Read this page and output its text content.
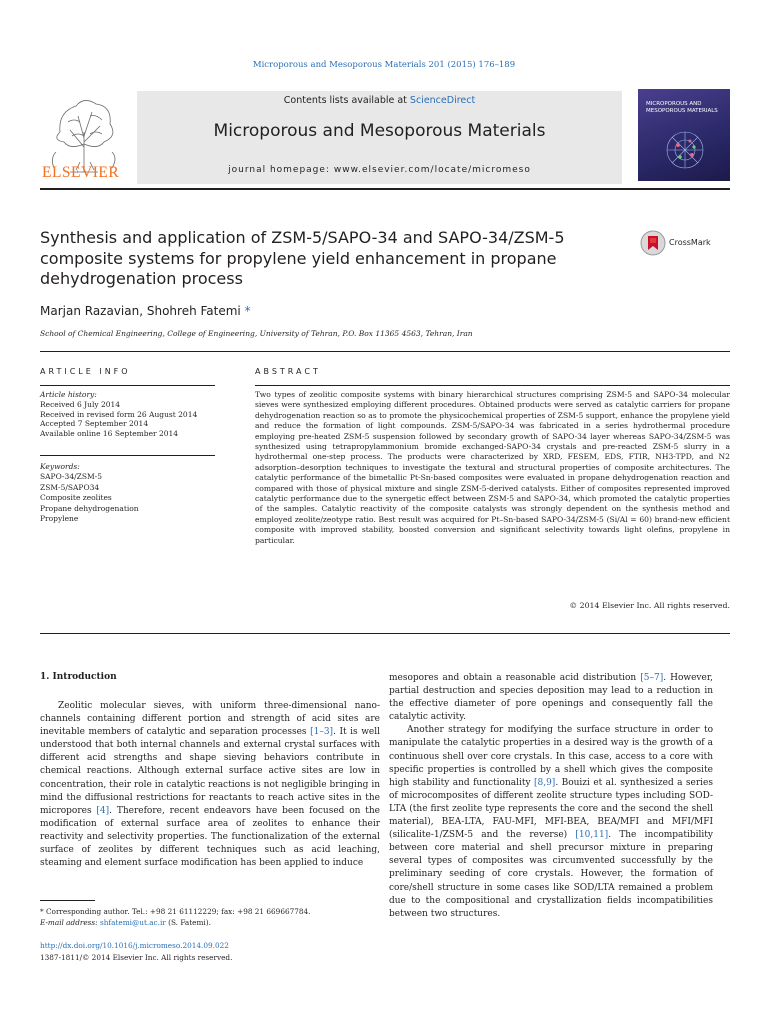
Microporous and Mesoporous Materials 201 (2015) 176–189
ELSEVIER
Contents lists available at ScienceDirect
Microporous and Mesoporous Materials
journal homepage: www.elsevier.com/locate/micromeso
MICROPOROUS AND MESOPOROUS MATERIALS
Synthesis and application of ZSM-5/SAPO-34 and SAPO-34/ZSM-5
composite systems for propylene yield enhancement in propane
dehydrogenation process
CrossMark
Marjan Razavian, Shohreh Fatemi *
School of Chemical Engineering, College of Engineering, University of Tehran, P.O. Box 11365 4563, Tehran, Iran
ARTICLE INFO
Article history:
Received 6 July 2014
Received in revised form 26 August 2014
Accepted 7 September 2014
Available online 16 September 2014
Keywords:
SAPO-34/ZSM-5
ZSM-5/SAPO34
Composite zeolites
Propane dehydrogenation
Propylene
ABSTRACT
Two types of zeolitic composite systems with binary hierarchical structures comprising ZSM-5 and SAPO-34 molecular sieves were synthesized employing different procedures. Obtained products were served as catalytic carriers for propane dehydrogenation reaction so as to promote the physicochemical properties of ZSM-5 support, enhance the propylene yield and reduce the formation of light compounds. ZSM-5/SAPO-34 was fabricated in a series hydrothermal procedure employing pre-heated ZSM-5 suspension followed by secondary growth of SAPO-34 layer whereas SAPO-34/ZSM-5 was synthesized using tetrapropylammonium bromide exchanged-SAPO-34 crystals and pre-reacted ZSM-5 slurry in a hydrothermal one-step process. The products were characterized by XRD, FESEM, EDS, FTIR, NH3-TPD, and N2 adsorption–desorption techniques to investigate the textural and structural properties of composite architectures. The catalytic performance of the bimetallic Pt-Sn-based composites were evaluated in propane dehydrogenation reaction and compared with those of physical mixture and single ZSM-5-derived catalysts. Either of composites represented improved catalytic performance due to the synergetic effect between ZSM-5 and SAPO-34, which promoted the catalytic properties of the samples. Catalytic reactivity of the composite catalysts was strongly dependent on the synthesis method and employed zeolite/zeotype ratio. Best result was acquired for Pt–Sn-based SAPO-34/ZSM-5 (Si/Al = 60) brand-new efficient composite with improved stability, boosted conversion and significant selectivity towards light olefins, propylene in particular.
© 2014 Elsevier Inc. All rights reserved.
1. Introduction

Zeolitic molecular sieves, with uniform three-dimensional nano-channels containing different portion and strength of acid sites are inevitable members of catalytic and separation processes [1–3]. It is well understood that both internal channels and external crystal surfaces with different acid strengths and shape sieving behaviors contribute in chemical reactions. Although external surface active sites are low in concentration, their role in catalytic reactions is not negligible bringing in mind the diffusional restrictions for reactants to reach active sites in the micropores [4]. Therefore, recent endeavors have been focused on the modification of external surface area of zeolites to enhance their reactivity and selectivity properties. The functionalization of the external surface of zeolites by different techniques such as acid leaching, steaming and element surface modification has been applied to induce

mesopores and obtain a reasonable acid distribution [5–7]. However, partial destruction and species deposition may lead to a reduction in the effective diameter of pore openings and consequently fall the catalytic activity.

Another strategy for modifying the surface structure in order to manipulate the catalytic properties in a desired way is the growth of a continuous shell over core crystals. In this case, access to a core with specific properties is controlled by a shell which gives the composite high stability and functionality [8,9]. Bouizi et al. synthesized a series of microcomposites of different zeolite structure types including SOD-LTA (the first zeolite type represents the core and the second the shell material), BEA-LTA, FAU-MFI, MFI-BEA, BEA/MFI and MFI/MFI (silicalite-1/ZSM-5 and the reverse) [10,11]. The incompatibility between core material and shell precursor mixture in preparing several types of composites was circumvented successfully by the preliminary seeding of core crystals. However, the formation of core/shell structure in some cases like SOD/LTA remained a problem due to the compositional and crystallization fields incompatibilities between two structures.

* Corresponding author. Tel.: +98 21 61112229; fax: +98 21 669667784.
E-mail address: shfatemi@ut.ac.ir (S. Fatemi).
http://dx.doi.org/10.1016/j.micromeso.2014.09.022
1387-1811/© 2014 Elsevier Inc. All rights reserved.
